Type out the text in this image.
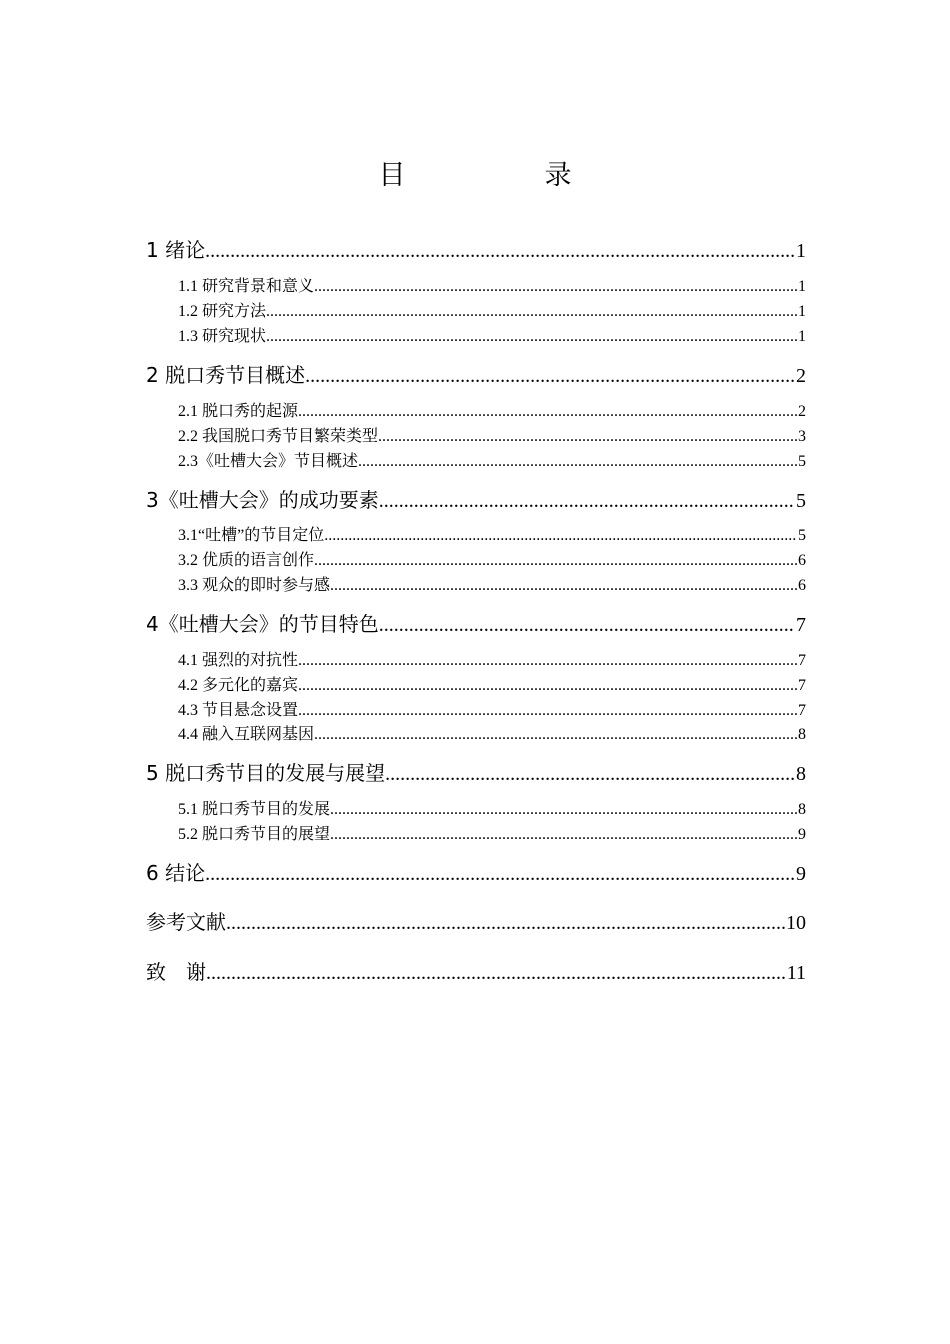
目　录
1 绪论 .....	1
1.1 研究背景和意义 .....	1
1.2 研究方法 .....	1
1.3 研究现状 .....	1
2 脱口秀节目概述 .....	2
2.1 脱口秀的起源 .....	2
2.2 我国脱口秀节目繁荣类型 .....	3
2.3《吐槽大会》节目概述 .....	5
3《吐槽大会》的成功要素 .....	5
3.1“吐槽”的节目定位 .....	5
3.2 优质的语言创作 .....	6
3.3 观众的即时参与感 .....	6
4《吐槽大会》的节目特色 .....	7
4.1 强烈的对抗性 .....	7
4.2 多元化的嘉宾 .....	7
4.3 节目悬念设置 .....	7
4.4 融入互联网基因 .....	8
5 脱口秀节目的发展与展望 .....	8
5.1 脱口秀节目的发展 .....	8
5.2 脱口秀节目的展望 .....	9
6 结论 .....	9
参考文献 .....	10
致　谢 .....	11
